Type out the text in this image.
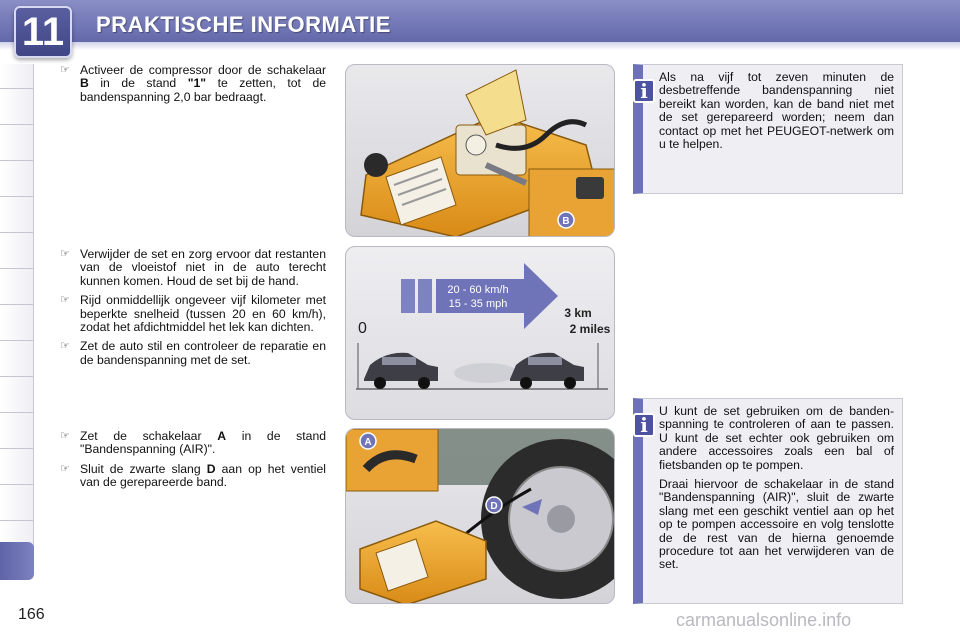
11	PRAKTISCHE INFORMATIE
☞ Activeer de compressor door de schakelaar B in de stand "1" te zetten, tot de bandenspanning 2,0 bar bedraagt.
☞ Verwijder de set en zorg ervoor dat restanten van de vloeistof niet in de auto terecht kunnen komen. Houd de set bij de hand.
☞ Rijd onmiddellijk ongeveer vijf kilometer met beperkte snelheid (tussen 20 en 60 km/h), zodat het afdichtmiddel het lek kan dichten.
☞ Zet de auto stil en controleer de reparatie en de bandenspanning met de set.
☞ Zet de schakelaar A in de stand "Bandenspanning (AIR)".
☞ Sluit de zwarte slang D aan op het ventiel van de gerepareerde band.
B
20 - 60 km/h
15 - 35 mph
0
3 km
2 miles
A
D
i

Als na vijf tot zeven minuten de desbetreffende bandenspanning niet bereikt kan worden, kan de band niet met de set gerepareerd worden; neem dan contact op met het PEUGEOT-netwerk om u te helpen.

i

U kunt de set gebruiken om de bandenspanning te controleren of aan te passen. U kunt de set echter ook gebruiken om andere accessoires zoals een bal of fietsbanden op te pompen.

Draai hiervoor de schakelaar in de stand "Bandenspanning (AIR)", sluit de zwarte slang met een geschikt ventiel aan op het op te pompen accessoire en volg tenslotte de de rest van de hierna genoemde procedure tot aan het verwijderen van de set.

166	carmanualsonline.info
